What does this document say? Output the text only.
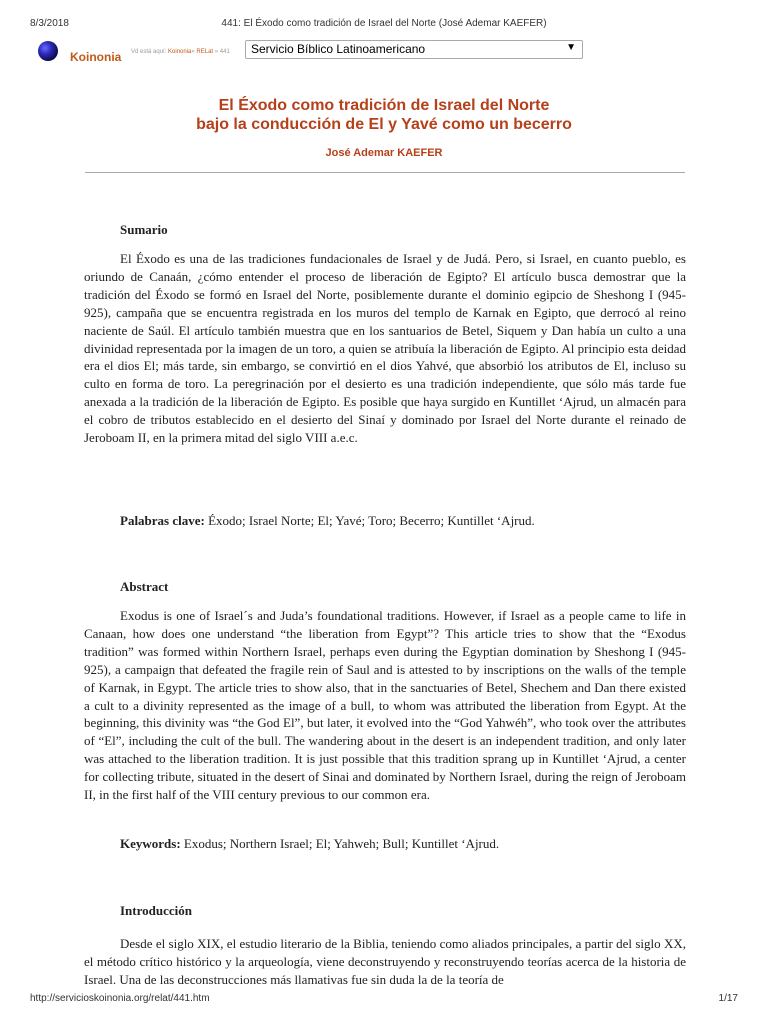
8/3/2018	441: El Éxodo como tradición de Israel del Norte (José Ademar KAEFER)
Koinonia Vd está aquí: Koinonia» RELat » 441 Servicio Bíblico Latinoamericano	▼
El Éxodo como tradición de Israel del Norte
bajo la conducción de El y Yavé como un becerro
José Ademar KAEFER
Sumario

El Éxodo es una de las tradiciones fundacionales de Israel y de Judá. Pero, si Israel, en cuanto pueblo, es oriundo de Canaán, ¿cómo entender el proceso de liberación de Egipto? El artículo busca demostrar que la tradición del Éxodo se formó en Israel del Norte, posiblemente durante el dominio egipcio de Sheshong I (945-925), campaña que se encuentra registrada en los muros del templo de Karnak en Egipto, que derrocó al reino naciente de Saúl. El artículo también muestra que en los santuarios de Betel, Siquem y Dan había un culto a una divinidad representada por la imagen de un toro, a quien se atribuía la liberación de Egipto. Al principio esta deidad era el dios El; más tarde, sin embargo, se convirtió en el dios Yahvé, que absorbió los atributos de El, incluso su culto en forma de toro. La peregrinación por el desierto es una tradición independiente, que sólo más tarde fue anexada a la tradición de la liberación de Egipto. Es posible que haya surgido en Kuntillet ‘Ajrud, un almacén para el cobro de tributos establecido en el desierto del Sinaí y dominado por Israel del Norte durante el reinado de Jeroboam II, en la primera mitad del siglo VIII a.e.c.

Palabras clave: Éxodo; Israel Norte; El; Yavé; Toro; Becerro; Kuntillet ‘Ajrud.
Abstract

Exodus is one of Israel´s and Juda’s foundational traditions. However, if Israel as a people came to life in Canaan, how does one understand “the liberation from Egypt”? This article tries to show that the “Exodus tradition” was formed within Northern Israel, perhaps even during the Egyptian domination by Sheshong I (945-925), a campaign that defeated the fragile rein of Saul and is attested to by inscriptions on the walls of the temple of Karnak, in Egypt. The article tries to show also, that in the sanctuaries of Betel, Shechem and Dan there existed a cult to a divinity represented as the image of a bull, to whom was attributed the liberation from Egypt. At the beginning, this divinity was “the God El”, but later, it evolved into the “God Yahwéh”, who took over the attributes of “El”, including the cult of the bull. The wandering about in the desert is an independent tradition, and only later was attached to the liberation tradition. It is just possible that this tradition sprang up in Kuntillet ‘Ajrud, a center for collecting tribute, situated in the desert of Sinai and dominated by Northern Israel, during the reign of Jeroboam II, in the first half of the VIII century previous to our common era.

Keywords: Exodus; Northern Israel; El; Yahweh; Bull; Kuntillet ‘Ajrud.
Introducción

Desde el siglo XIX, el estudio literario de la Biblia, teniendo como aliados principales, a partir del siglo XX, el método crítico histórico y la arqueología, viene deconstruyendo y reconstruyendo teorías acerca de la historia de Israel. Una de las deconstrucciones más llamativas fue sin duda la de la teoría de

http://servicioskoinonia.org/relat/441.htm	1/17
